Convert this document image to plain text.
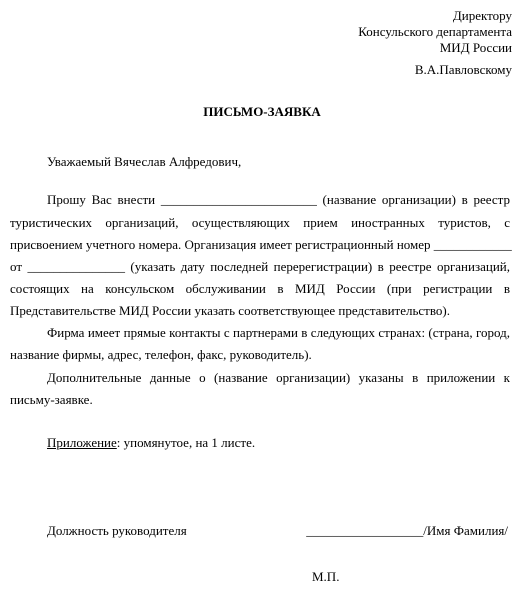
Директору
Консульского департамента
МИД России
В.А.Павловскому
ПИСЬМО-ЗАЯВКА
Уважаемый Вячеслав Алфредович,
Прошу Вас внести ________________________ (название организации) в реестр
туристических организаций, осуществляющих прием иностранных туристов, с
присвоением учетного номера. Организация имеет регистрационный номер ____________
от _______________ (указать дату последней перерегистрации) в реестре организаций,
состоящих на консульском обслуживании в МИД России (при регистрации в
Представительстве МИД России указать соответствующее представительство).
Фирма имеет прямые контакты с партнерами в следующих странах: (страна, город,
название фирмы, адрес, телефон, факс, руководитель).
Дополнительные данные о (название организации) указаны в приложении к
письму-заявке.
Приложение: упомянутое, на 1 листе.
Должность руководителя	__________________/Имя Фамилия/
М.П.
